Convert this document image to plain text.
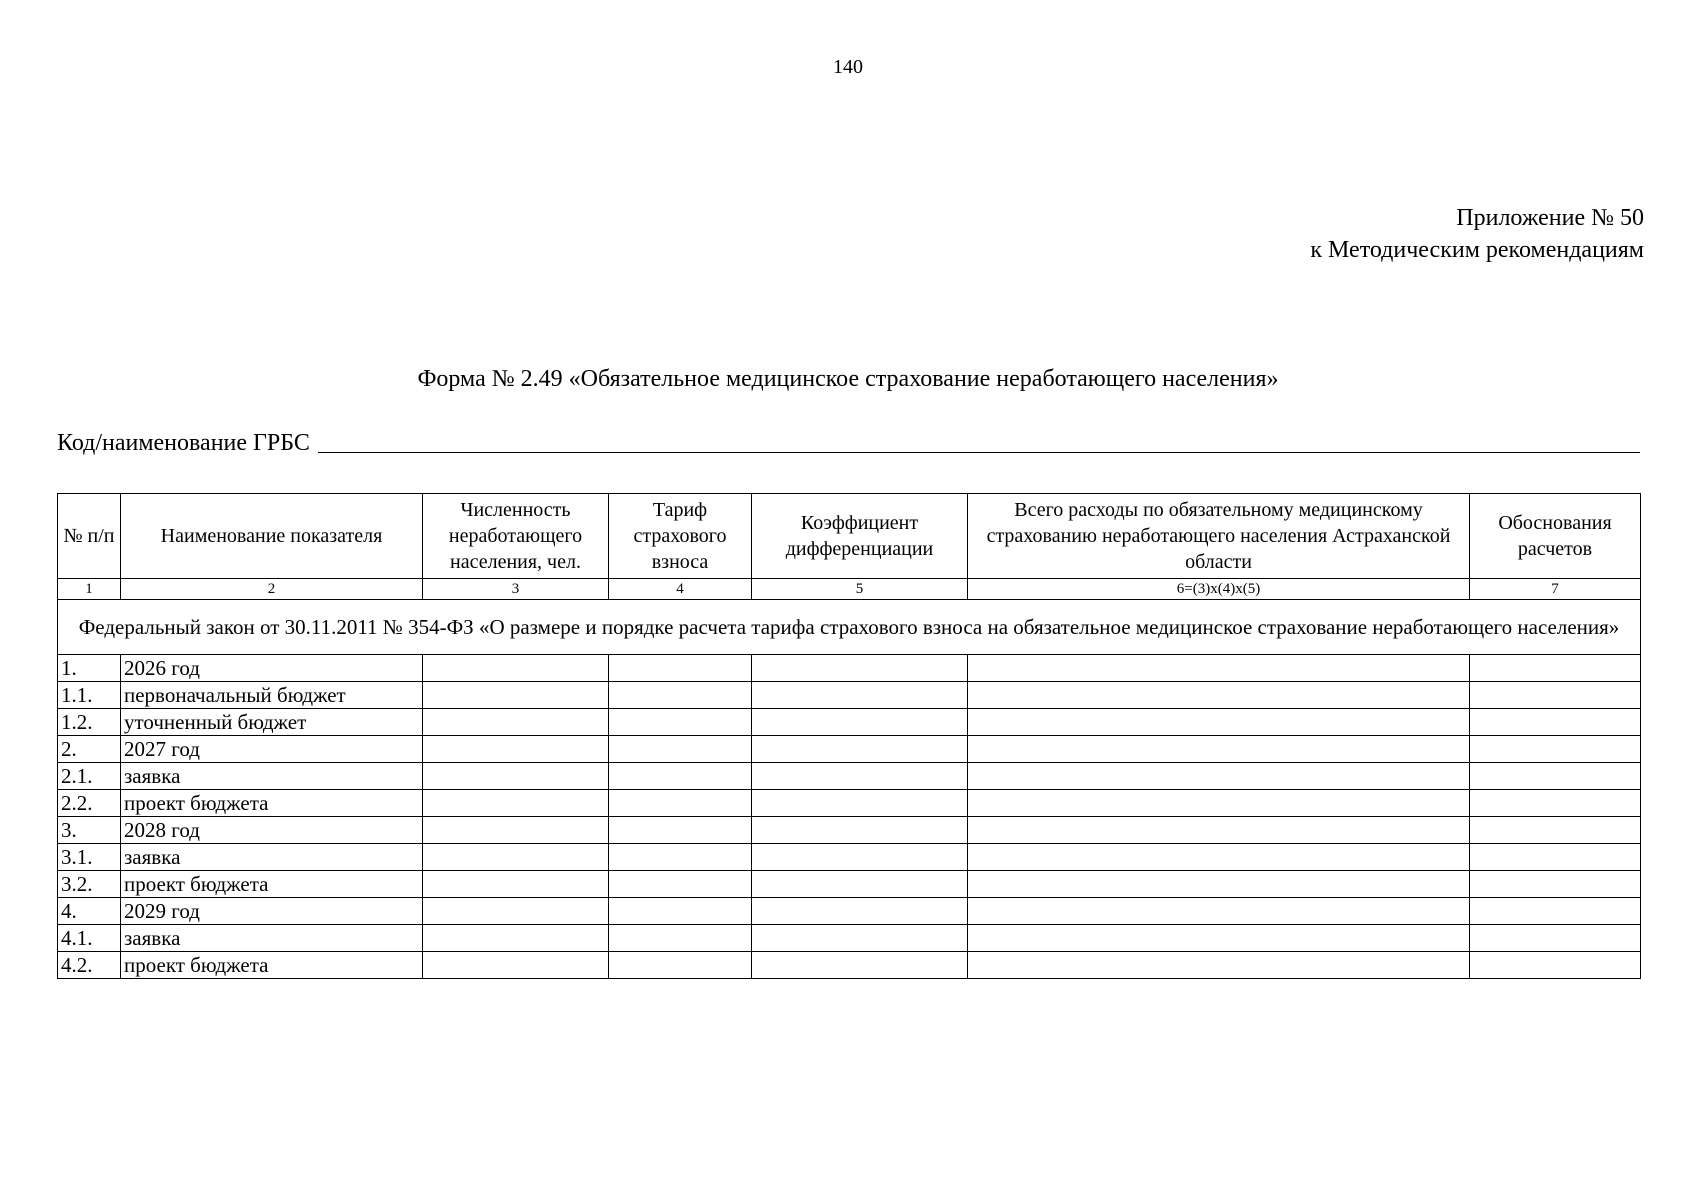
140
Приложение № 50
к Методическим рекомендациям
Форма № 2.49 «Обязательное медицинское страхование неработающего населения»
Код/наименование ГРБС
№ п/п	Наименование показателя	Численность неработающего населения, чел.	Тариф страхового взноса	Коэффициент дифференциации	Всего расходы по обязательному медицинскому страхованию неработающего населения Астраханской области	Обоснования расчетов
1	2	3	4	5	6=(3)х(4)х(5)	7
Федеральный закон от 30.11.2011 № 354-ФЗ «О размере и порядке расчета тарифа страхового взноса на обязательное медицинское страхование неработающего населения»						
1.	2026 год					
1.1.	первоначальный бюджет					
1.2.	уточненный бюджет					
2.	2027 год					
2.1.	заявка					
2.2.	проект бюджета					
3.	2028 год					
3.1.	заявка					
3.2.	проект бюджета					
4.	2029 год					
4.1.	заявка					
4.2.	проект бюджета					
